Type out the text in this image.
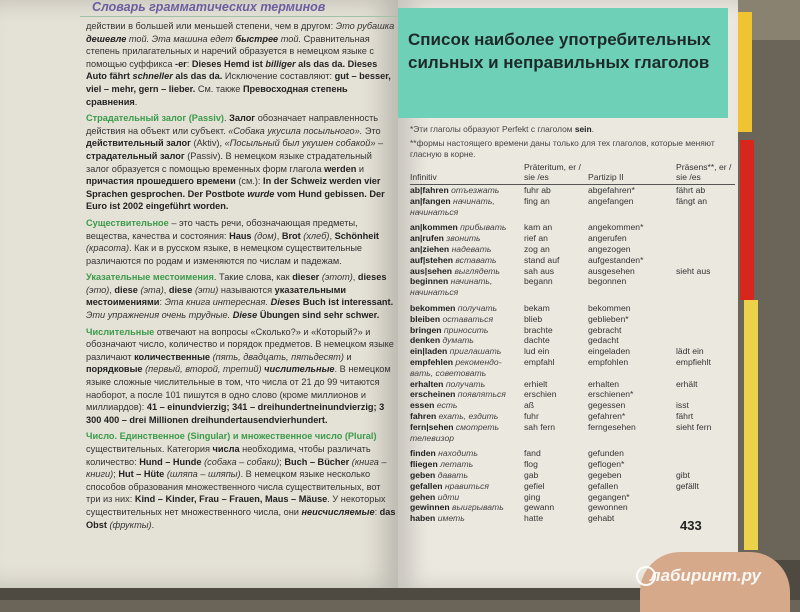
Словарь грамматических терминов

действии в большей или меньшей степени, чем в другом: Это рубашка дешевле той. Эта машина едет быстрее той. Сравнительная степень прилагательных и наречий образуется в немецком языке с помощью суффикса -er: Dieses Hemd ist billiger als das da. Dieses Auto fährt schneller als das da. Исключение составляют: gut – besser, viel – mehr, gern – lieber. См. также Превосходная степень сравнения.

Страдательный залог (Passiv). Залог обозначает направленность действия на объект или субъект. «Собака укусила посыльного». Это действительный залог (Aktiv), «Посыльный был укушен собакой» – страдательный залог (Passiv). В немецком языке страдательный залог образуется с помощью временных форм глагола werden и причастия прошедшего времени (см.): In der Schweiz werden vier Sprachen gesprochen. Der Postbote wurde vom Hund gebissen. Der Euro ist 2002 eingeführt worden.

Существительное – это часть речи, обозначающая предметы, вещества, качества и состояния: Haus (дом), Brot (хлеб), Schönheit (красота). Как и в русском языке, в немецком существительные различаются по родам и изменяются по числам и падежам.

Указательные местоимения. Такие слова, как dieser (этот), dieses (это), diese (эта), diese (эти) называются указательными местоимениями: Эта книга интересная. Dieses Buch ist interessant. Эти упражнения очень трудные. Diese Übungen sind sehr schwer.

Числительные отвечают на вопросы «Сколько?» и «Который?» и обозначают число, количество и порядок предметов. В немецком языке различают количественные (пять, двадцать, пятьдесят) и порядковые (первый, второй, третий) числительные. В немецком языке сложные числительные в том, что числа от 21 до 99 читаются наоборот, а после 101 пишутся в одно слово (кроме миллионов и миллиардов): 41 – einundvierzig; 341 – dreihundertneinundvierzig; 3 300 400 – drei Millionen dreihundertausendvierhundert.

Число. Единственное (Singular) и множественное число (Plural) существительных. Категория числа необходима, чтобы различать количество: Hund – Hunde (собака – собаки); Buch – Bücher (книга – книги); Hut – Hüte (шляпа – шляпы). В немецком языке несколько способов образования множественного числа существительных, вот три из них: Kind – Kinder, Frau – Frauen, Maus – Mäuse. У некоторых существительных нет множественного числа, они неисчисляемые: das Obst (фрукты).

Список наиболее употребительных сильных и неправильных глаголов
*Эти глаголы образуют Perfekt с глаголом sein.
**формы настоящего времени даны только для тех глаголов, которые меняют гласную в корне.
Infinitiv	Präteritum, er / sie /es	Partizip II	Präsens**, er / sie /es
ab|fahren отъезжать	fuhr ab	abgefahren*	fährt ab
an|fangen начинать,	fing an	angefangen	fängt an
начинаться			
an|kommen прибывать	kam an	angekommen*	
an|rufen звонить	rief an	angerufen	
an|ziehen надевать	zog an	angezogen	
auf|stehen вставать	stand auf	aufgestanden*	
aus|sehen выглядеть	sah aus	ausgesehen	sieht aus
beginnen начинать,	begann	begonnen	
начинаться			
bekommen получать	bekam	bekommen	
bleiben оставаться	blieb	geblieben*	
bringen приносить	brachte	gebracht	
denken думать	dachte	gedacht	
ein|laden приглашать	lud ein	eingeladen	lädt ein
empfehlen рекомендо-	empfahl	empfohlen	empfiehlt
вать, советовать			
erhalten получать	erhielt	erhalten	erhält
erscheinen появляться	erschien	erschienen*	
essen есть	aß	gegessen	isst
fahren ехать, ездить	fuhr	gefahren*	fährt
fern|sehen смотреть	sah fern	ferngesehen	sieht fern
телевизор			
finden находить	fand	gefunden	
fliegen летать	flog	geflogen*	
geben давать	gab	gegeben	gibt
gefallen нравиться	gefiel	gefallen	gefällt
gehen идти	ging	gegangen*	
gewinnen выигрывать	gewann	gewonnen	
haben иметь	hatte	gehabt		433
лабиринт.ру
